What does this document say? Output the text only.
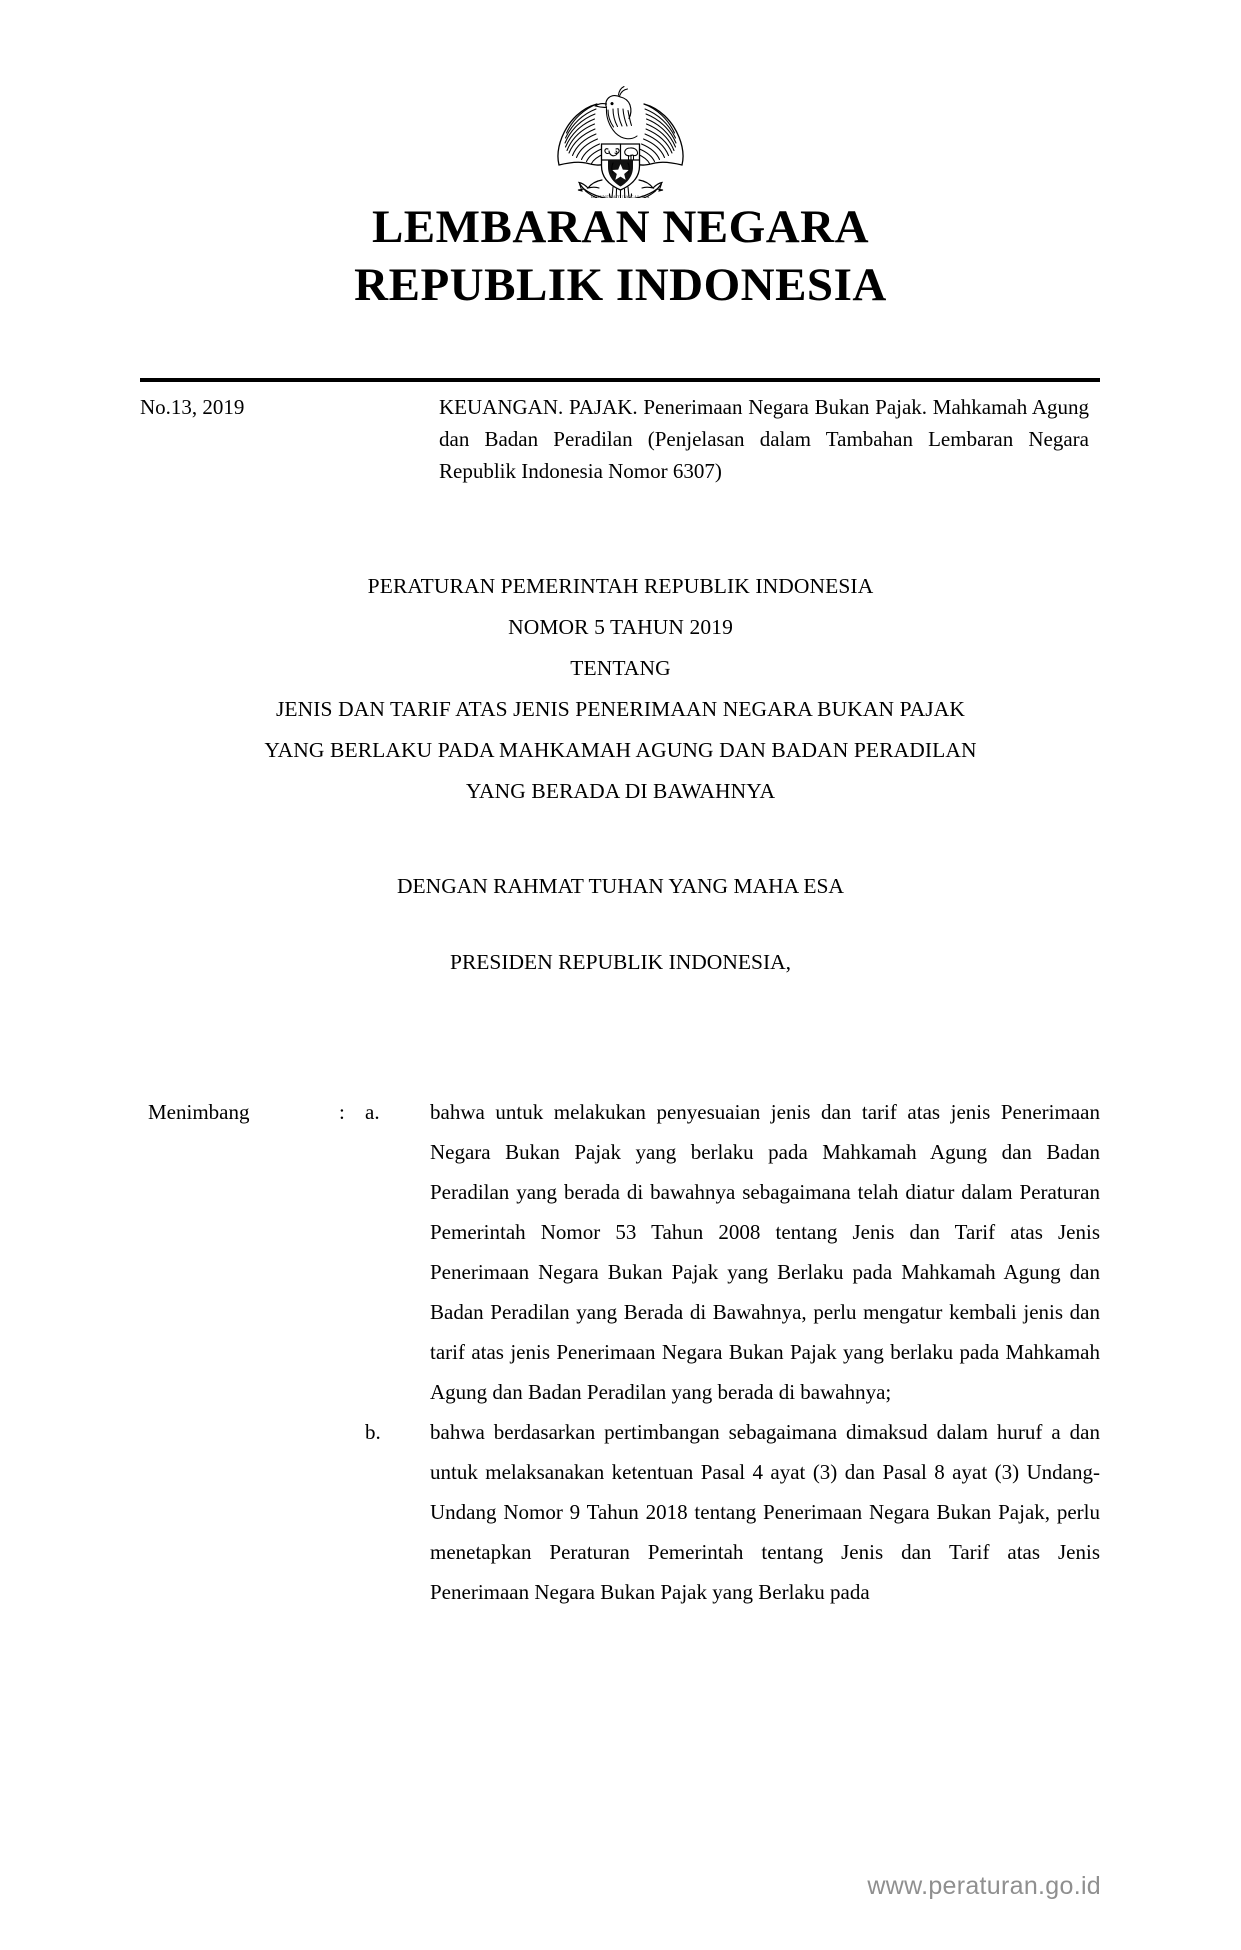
BHINNEKA TUNGGAL IKA
LEMBARAN NEGARA
REPUBLIK INDONESIA
No.13, 2019	KEUANGAN. PAJAK. Penerimaan Negara Bukan Pajak. Mahkamah Agung dan Badan Peradilan (Penjelasan dalam Tambahan Lembaran Negara Republik Indonesia Nomor 6307)
PERATURAN PEMERINTAH REPUBLIK INDONESIA
NOMOR 5 TAHUN 2019
TENTANG
JENIS DAN TARIF ATAS JENIS PENERIMAAN NEGARA BUKAN PAJAK
YANG BERLAKU PADA MAHKAMAH AGUNG DAN BADAN PERADILAN
YANG BERADA DI BAWAHNYA
DENGAN RAHMAT TUHAN YANG MAHA ESA
PRESIDEN REPUBLIK INDONESIA,
Menimbang	: a.	bahwa untuk melakukan penyesuaian jenis dan tarif atas jenis Penerimaan Negara Bukan Pajak yang berlaku pada Mahkamah Agung dan Badan Peradilan yang berada di bawahnya sebagaimana telah diatur dalam Peraturan Pemerintah Nomor 53 Tahun 2008 tentang Jenis dan Tarif atas Jenis Penerimaan Negara Bukan Pajak yang Berlaku pada Mahkamah Agung dan Badan Peradilan yang Berada di Bawahnya, perlu mengatur kembali jenis dan tarif atas jenis Penerimaan Negara Bukan Pajak yang berlaku pada Mahkamah Agung dan Badan Peradilan yang berada di bawahnya;
b.	bahwa berdasarkan pertimbangan sebagaimana dimaksud dalam huruf a dan untuk melaksanakan ketentuan Pasal 4 ayat (3) dan Pasal 8 ayat (3) Undang-Undang Nomor 9 Tahun 2018 tentang Penerimaan Negara Bukan Pajak, perlu menetapkan Peraturan Pemerintah tentang Jenis dan Tarif atas Jenis Penerimaan Negara Bukan Pajak yang Berlaku pada
www.peraturan.go.id
